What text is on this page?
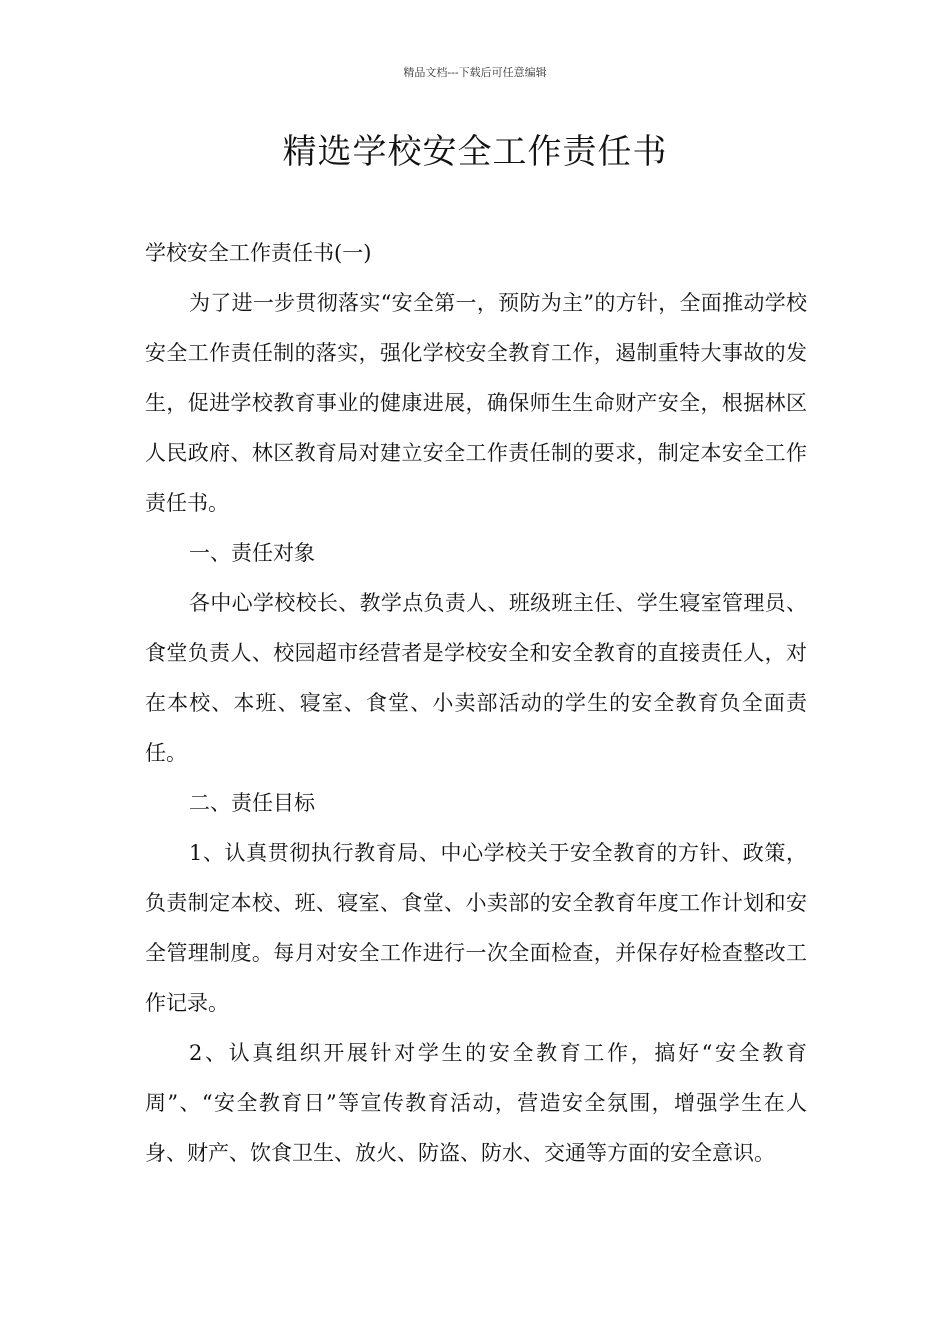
精品文档---下载后可任意编辑
精选学校安全工作责任书

学校安全工作责任书(一)

为了进一步贯彻落实“安全第一，预防为主”的方针，全面推动学校安全工作责任制的落实，强化学校安全教育工作，遏制重特大事故的发生，促进学校教育事业的健康进展，确保师生生命财产安全，根据林区人民政府、林区教育局对建立安全工作责任制的要求，制定本安全工作责任书。

一、责任对象

各中心学校校长、教学点负责人、班级班主任、学生寝室管理员、食堂负责人、校园超市经营者是学校安全和安全教育的直接责任人，对在本校、本班、寝室、食堂、小卖部活动的学生的安全教育负全面责任。

二、责任目标

1、认真贯彻执行教育局、中心学校关于安全教育的方针、政策，负责制定本校、班、寝室、食堂、小卖部的安全教育年度工作计划和安全管理制度。每月对安全工作进行一次全面检查，并保存好检查整改工作记录。

2、认真组织开展针对学生的安全教育工作，搞好“安全教育周”、“安全教育日”等宣传教育活动，营造安全氛围，增强学生在人身、财产、饮食卫生、放火、防盗、防水、交通等方面的安全意识。
